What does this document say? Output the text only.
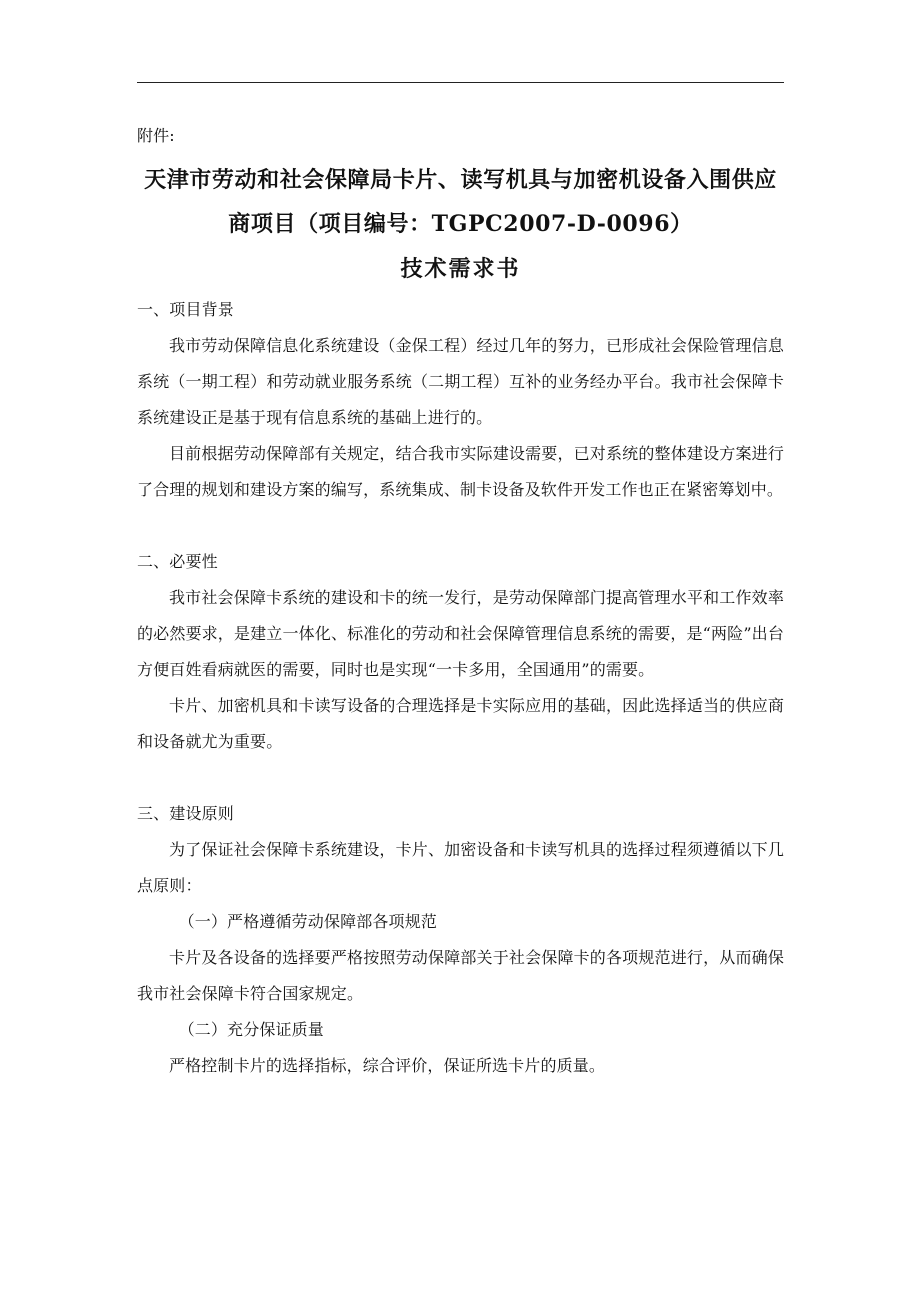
附件:

天津市劳动和社会保障局卡片、读写机具与加密机设备入围供应

商项目（项目编号：TGPC2007-D-0096）

技术需求书

一、项目背景

我市劳动保障信息化系统建设（金保工程）经过几年的努力，已形成社会保险管理信息系统（一期工程）和劳动就业服务系统（二期工程）互补的业务经办平台。我市社会保障卡系统建设正是基于现有信息系统的基础上进行的。

目前根据劳动保障部有关规定，结合我市实际建设需要，已对系统的整体建设方案进行了合理的规划和建设方案的编写，系统集成、制卡设备及软件开发工作也正在紧密筹划中。

二、必要性

我市社会保障卡系统的建设和卡的统一发行，是劳动保障部门提高管理水平和工作效率的必然要求，是建立一体化、标准化的劳动和社会保障管理信息系统的需要，是“两险”出台方便百姓看病就医的需要，同时也是实现“一卡多用，全国通用”的需要。

卡片、加密机具和卡读写设备的合理选择是卡实际应用的基础，因此选择适当的供应商和设备就尤为重要。

三、建设原则

为了保证社会保障卡系统建设，卡片、加密设备和卡读写机具的选择过程须遵循以下几点原则：

（一）严格遵循劳动保障部各项规范

卡片及各设备的选择要严格按照劳动保障部关于社会保障卡的各项规范进行，从而确保我市社会保障卡符合国家规定。

（二）充分保证质量

严格控制卡片的选择指标，综合评价，保证所选卡片的质量。
